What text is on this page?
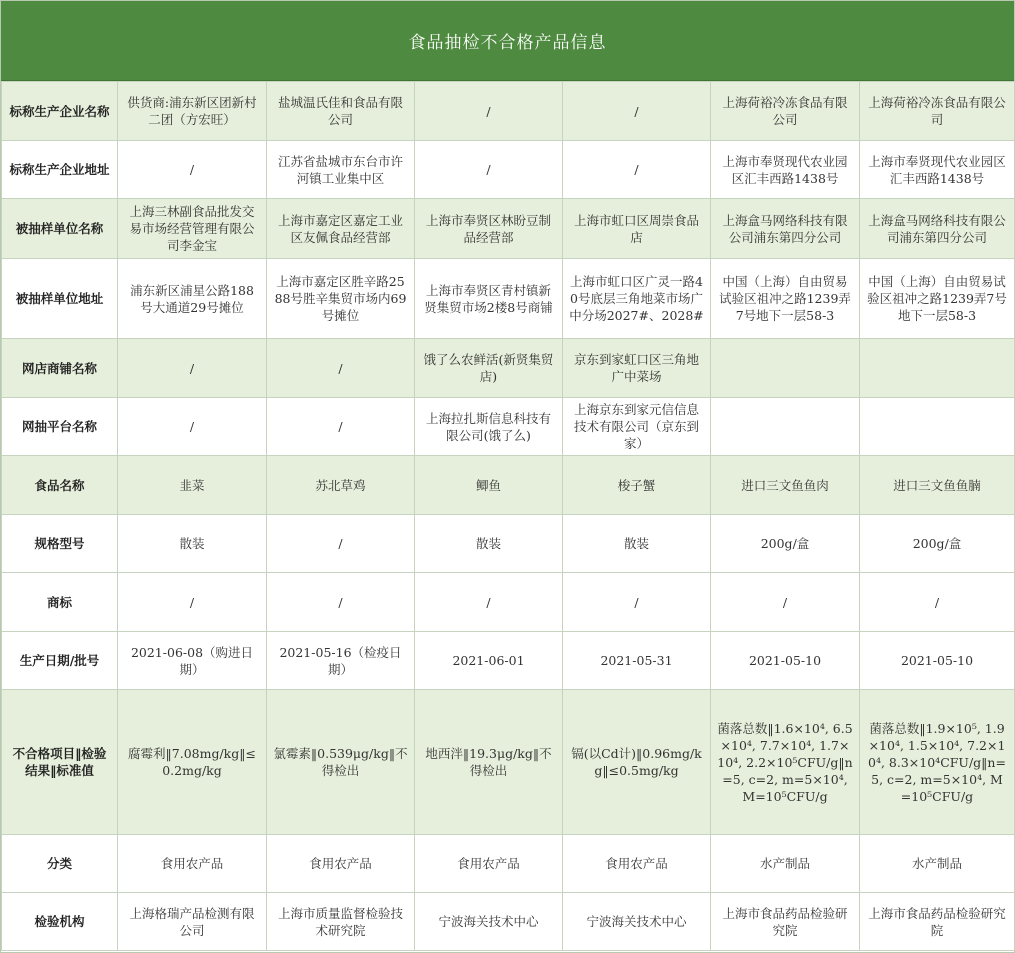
食品抽检不合格产品信息
标称生产企业名称	供货商:浦东新区团新村二团（方宏旺）	盐城温氏佳和食品有限公司	/	/	上海荷裕冷冻食品有限公司	上海荷裕冷冻食品有限公司
标称生产企业地址	/	江苏省盐城市东台市许河镇工业集中区	/	/	上海市奉贤现代农业园区汇丰西路1438号	上海市奉贤现代农业园区汇丰西路1438号
被抽样单位名称	上海三林副食品批发交易市场经营管理有限公司李金宝	上海市嘉定区嘉定工业区友佩食品经营部	上海市奉贤区林盼豆制品经营部	上海市虹口区周崇食品店	上海盒马网络科技有限公司浦东第四分公司	上海盒马网络科技有限公司浦东第四分公司
被抽样单位地址	浦东新区浦星公路188号大通道29号摊位	上海市嘉定区胜辛路2588号胜辛集贸市场内69号摊位	上海市奉贤区青村镇新贤集贸市场2楼8号商铺	上海市虹口区广灵一路40号底层三角地菜市场广中分场2027#、2028#	中国（上海）自由贸易试验区祖冲之路1239弄7号地下一层58-3	中国（上海）自由贸易试验区祖冲之路1239弄7号地下一层58-3
网店商铺名称	/	/	饿了么农鲜活(新贤集贸店)	京东到家虹口区三角地广中菜场		
网抽平台名称	/	/	上海拉扎斯信息科技有限公司(饿了么)	上海京东到家元信信息技术有限公司（京东到家）		
食品名称	韭菜	苏北草鸡	鲫鱼	梭子蟹	进口三文鱼鱼肉	进口三文鱼鱼腩
规格型号	散装	/	散装	散装	200g/盒	200g/盒
商标	/	/	/	/	/	/
生产日期/批号	2021-06-08（购进日期）	2021-05-16（检疫日期）	2021-06-01	2021-05-31	2021-05-10	2021-05-10
不合格项目‖检验结果‖标准值	腐霉利‖7.08mg/kg‖≤0.2mg/kg	氯霉素‖0.539μg/kg‖不得检出	地西泮‖19.3μg/kg‖不得检出	镉(以Cd计)‖0.96mg/kg‖≤0.5mg/kg	菌落总数‖1.6×10⁴, 6.5×10⁴, 7.7×10⁴, 1.7×10⁴, 2.2×10⁵CFU/g‖n=5, c=2, m=5×10⁴, M=10⁵CFU/g	菌落总数‖1.9×10⁵, 1.9×10⁴, 1.5×10⁴, 7.2×10⁴, 8.3×10⁴CFU/g‖n=5, c=2, m=5×10⁴, M=10⁵CFU/g
分类	食用农产品	食用农产品	食用农产品	食用农产品	水产制品	水产制品
检验机构	上海格瑞产品检测有限公司	上海市质量监督检验技术研究院	宁波海关技术中心	宁波海关技术中心	上海市食品药品检验研究院	上海市食品药品检验研究院
